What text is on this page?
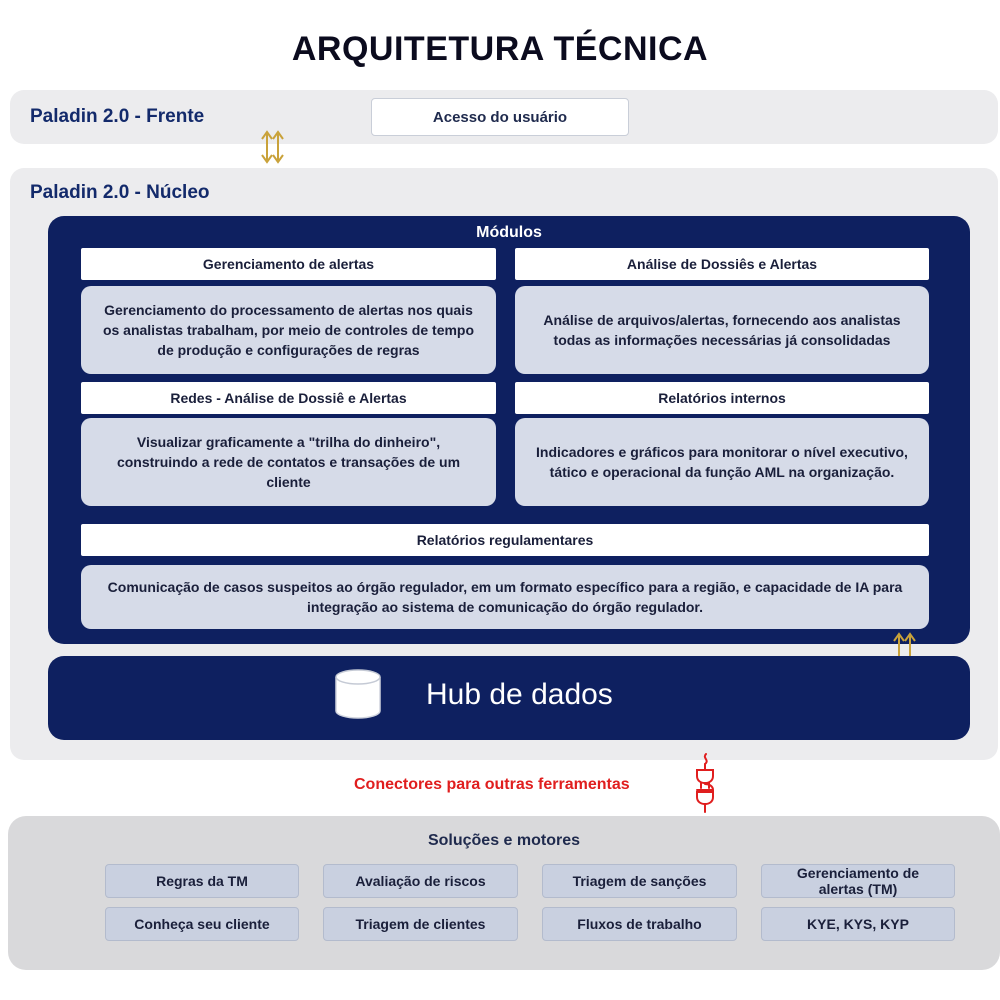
ARQUITETURA TÉCNICA
Paladin 2.0 - Frente	Acesso do usuário
Paladin 2.0 - Núcleo
Módulos
Gerenciamento de alertas
Gerenciamento do processamento de alertas nos quais os analistas trabalham, por meio de controles de tempo de produção e configurações de regras
Análise de Dossiês e Alertas
Análise de arquivos/alertas, fornecendo aos analistas todas as informações necessárias já consolidadas
Redes - Análise de Dossiê e Alertas
Visualizar graficamente a "trilha do dinheiro", construindo a rede de contatos e transações de um cliente
Relatórios internos
Indicadores e gráficos para monitorar o nível executivo, tático e operacional da função AML na organização.
Relatórios regulamentares
Comunicação de casos suspeitos ao órgão regulador, em um formato específico para a região, e capacidade de IA para integração ao sistema de comunicação do órgão regulador.
Hub de dados
Conectores para outras ferramentas
Soluções e motores
Regras da TM	Avaliação de riscos	Triagem de sanções	Gerenciamento de alertas (TM)
Conheça seu cliente	Triagem de clientes	Fluxos de trabalho	KYE, KYS, KYP
